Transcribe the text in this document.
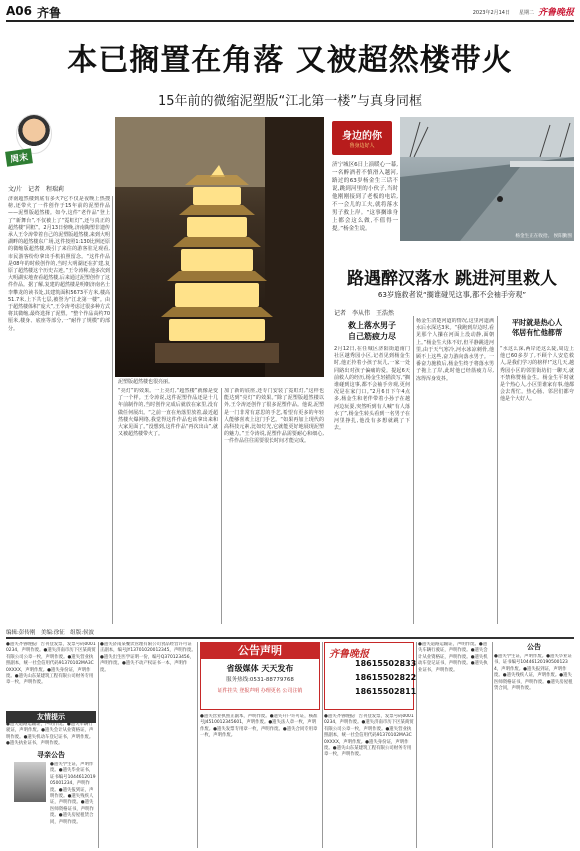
A06 齐鲁	2023年2月14日 星期二 齐鲁晚报
本已搁置在角落 又被超然楼带火
15年前的微缩泥塑版“江北第一楼”与真身同框
周末
文/片　记者　程瑞莉
济南超然楼到底有多火?它不仅是夜晚上热搜榜,还带火了一件创作于15年前的泥塑作品——泥塑版超然楼。如今,这件“老作品”登上了“新舞台”,不仅被上了“霓虹灯”,还与真正的超然楼“同框”。2月13日傍晚,济南陶塑非遗传承人王令涛带着自己的泥塑版超然楼,来到大明湖畔的超然楼东广场,这件按照1:130比例还原的微缩版超然楼,吸引了来往的游客驻足观看,市民游客纷纷拿出手机拍照留念。“这件作品是08年的时候创作的,当时大明湖还在扩建,复原了超然楼这个历史古迹。”王令涛称,他多次到大明湖实地查看超然楼,后来通过泥塑创作了这件作品。据了解,复建的超然楼是明朝济南名士李攀龙的读书处,其建筑面积5673平方米,楼高51.7米,上下共七层,被誉为“江北第一楼”。由于超然楼体积“庞大”,王令涛考虑过很多种方式将其微缩,最终选择了泥塑。“整个作品高约70厘米,楼身、底座等部分,一“耐作了规模”的部分。
泥塑版超然楼也很亮丽。
“亮灯”的效果。一上亮灯,“超然楼”就像是变了一个样。王令涛说,这件泥塑作品还是十几年前制作的,当时创作完成后就放在家里,没有做任何展出。“之前一直在角落里放着,最近超然楼火爆网络,我觉得这件作品也该拿出来和大家见面了。”没想到,这件作品“再次出山”,就又被超然楼带火了。
加了新的底座,还专门安装了霓虹灯,“这样也能达到“亮灯”的效果。”除了泥塑版超然楼以外,王令涛还创作了很多泥塑作品。他说,泥塑是一门非常有意思的手艺,希望有更多的年轻人能够喜欢上这门手艺。“如果再加上现代的高科技元素,比如灯光,它就能更好地展现泥塑的魅力。”王令涛说,泥塑作品需要耐心和细心,一件作品往往需要很长时间才能完成。
身边的你
鲁身边好人
济宁城区6日上演暖心一幕,一名醉酒者不慎滑入越河,路过的63岁杨金生三话不说,跳到河里的小伙子,当时他刚刚接到了老板的电话,不一会儿的工夫,就将落水男子救上岸。“这事搁谁身上都会这么做,不值得一提。”杨金生说。
杨金生正在收拾。 侯阳勤图
路遇醉汉落水 跳进河里救人
63岁施救者说“搁谁碰见这事,都不会袖手旁观”
记者　李从伟　王浩然
救上落水男子
自己筋疲力尽
2月12日,在任城区济阳街道南门社区越秀园小区,记者见到杨金生时,他正拎着小孩子玩儿,一家一处同路出对孩子偏痛的爱。提起6天前救人的经历,杨金生轻描淡写,“搁谁碰到这事,都不会袖手旁观,更何况是在家门口。”2月6日下午4点多,杨金生和老伴带着小孙子在越河边玩耍,突然听到有人喊“有人落水了”,杨金生转头看到一名男子在河里挣扎,他没有多想就跳了下去。
杨金生清楚河道的情况,这里河道满水后水深达3米。“我跑到岸边时,看见那个人攥在河面上没动静,面朝上。”杨金生大体不好,但平静跳进河里,由于天气寒冷,河水冰凉刺骨,他顾不上这些,奋力游向落水男子。一番奋力施救后,杨金生终于将落水男子拖上了岸,此时他已经筋疲力尽,冻得浑身发抖。
平时就是热心人
邻居有忙他都帮
“水这么深,两岸还这么陡,周边上他已60多岁了,不顾个人安危救人,是我们学习的榜样!”这几天,越秀园小区的邻里街坊们一聊天,就不禁称赞杨金生。杨金生平时就是个热心人,小区里谁家有事,他都会去帮忙。热心肠、邻居们都夸他是个大好人。
编辑:彭传刚　美编:徐征　组版:侯波
●遗失齐鲁晚报广告刊登发票，发票号码00010234，声明作废。●遗失济南市历下区某商贸有限公司公章一枚，声明作废。●遗失营业执照副本，统一社会信用代码91370102MA3C0XXXX，声明作废。●遗失身份证，声明作废。●遗失山东某建筑工程有限公司财务专用章一枚，声明作废。
友情提示
●遗失道路运输证，声明作废。●遗失车辆行驶证，声明作废。●遗失会计从业资格证，声明作废。●遗失机动车登记证书，声明作废。●遗失执业证书，声明作废。
寻亲公告
●遗失学生证，声明作废。●遗失毕业证书，证书编号104461201905001234，声明作废。●遗失报到证，声明作废。●遗失残疾人证，声明作废。●遗失医师资格证书，声明作废。●遗失房屋租赁合同，声明作废。
●遗失济南某餐饮管理有限公司食品经营许可证正副本，编号JY13701020012345，声明作废。●遗失出生医学证明一份，编号Q370123456，声明作废。●遗失不动产权证书一本，声明作废。
公告声明
省级媒体 天天发布
服务热线:0531-88779768
证件挂失 登报声明 办理更名 公司注销
●遗失营业执照正副本，声明作废。●遗失开户许可证，核准号J4510012345601，声明作废。●遗失法人章一枚，声明作废。●遗失发票专用章一枚，声明作废。●遗失合同专用章一枚，声明作废。
齐鲁晚报
18615502833
18615502822
18615502811
●遗失齐鲁晚报广告刊登发票，发票号码00010234，声明作废。●遗失济南市历下区某商贸有限公司公章一枚，声明作废。●遗失营业执照副本，统一社会信用代码91370102MA3C0XXXX，声明作废。●遗失身份证，声明作废。●遗失山东某建筑工程有限公司财务专用章一枚，声明作废。
●遗失道路运输证，声明作废。●遗失车辆行驶证，声明作废。●遗失会计从业资格证，声明作废。●遗失机动车登记证书，声明作废。●遗失执业证书，声明作废。
公告
●遗失学生证，声明作废。●遗失毕业证书，证书编号104461201905001234，声明作废。●遗失报到证，声明作废。●遗失残疾人证，声明作废。●遗失医师资格证书，声明作废。●遗失房屋租赁合同，声明作废。
